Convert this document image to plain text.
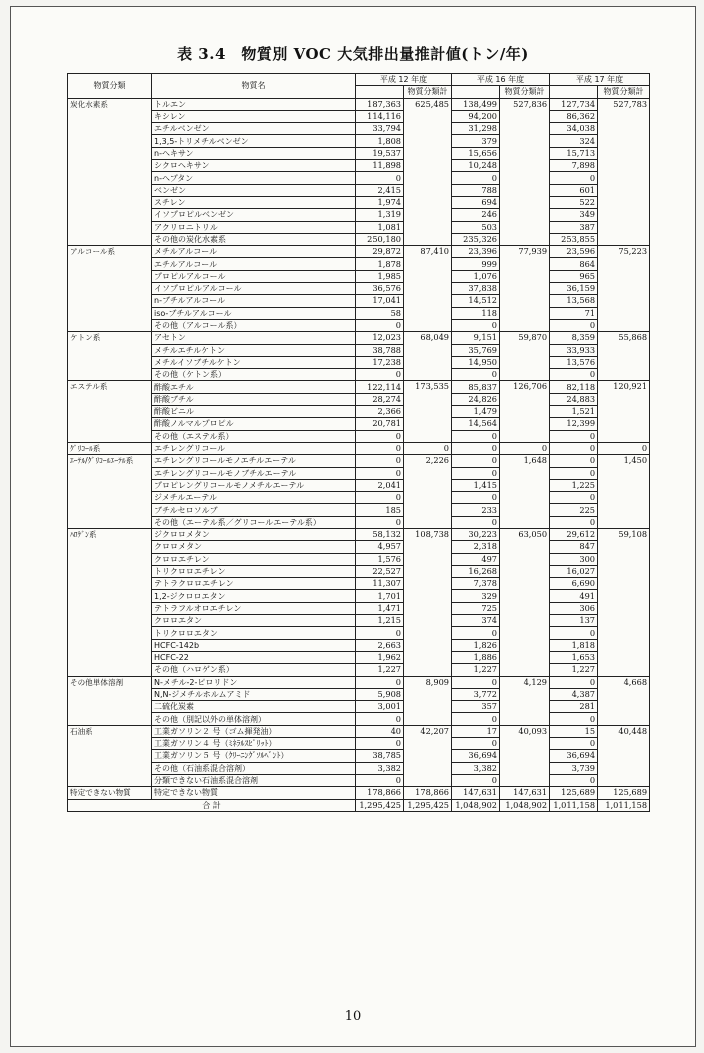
表 3.4　物質別 VOC 大気排出量推計値(トン/年)
物質分類	物質名	平成 12 年度		平成 16 年度		平成 17 年度	
			物質分類計		物質分類計		物質分類計
炭化水素系	トルエン	187,363	625,485	138,499	527,836	127,734	527,783
	キシレン	114,116		94,200		86,362	
	エチルベンゼン	33,794		31,298		34,038	
	1,3,5-トリメチルベンゼン	1,808		379		324	
	n-ヘキサン	19,537		15,656		15,713	
	シクロヘキサン	11,898		10,248		7,898	
	n-ヘプタン	0		0		0	
	ベンゼン	2,415		788		601	
	スチレン	1,974		694		522	
	イソプロピルベンゼン	1,319		246		349	
	アクリロニトリル	1,081		503		387	
	その他の炭化水素系	250,180		235,326		253,855	
アルコール系	メチルアルコール	29,872	87,410	23,396	77,939	23,596	75,223
	エチルアルコール	1,878		999		864	
	プロピルアルコール	1,985		1,076		965	
	イソプロピルアルコール	36,576		37,838		36,159	
	n-ブチルアルコール	17,041		14,512		13,568	
	iso-ブチルアルコール	58		118		71	
	その他（アルコール系）	0		0		0	
ケトン系	アセトン	12,023	68,049	9,151	59,870	8,359	55,868
	メチルエチルケトン	38,788		35,769		33,933	
	メチルイソブチルケトン	17,238		14,950		13,576	
	その他（ケトン系）	0		0		0	
エステル系	酢酸エチル	122,114	173,535	85,837	126,706	82,118	120,921
	酢酸ブチル	28,274		24,826		24,883	
	酢酸ビニル	2,366		1,479		1,521	
	酢酸ノルマルプロピル	20,781		14,564		12,399	
	その他（エステル系）	0		0		0	
ｸﾞﾘｺｰﾙ系	エチレングリコール	0	0	0	0	0	0
ｴｰﾃﾙ/ｸﾞﾘｺｰﾙｴｰﾃﾙ系	エチレングリコールモノエチルエーテル	0	2,226	0	1,648	0	1,450
	エチレングリコールモノブチルエーテル	0		0		0	
	プロピレングリコールモノメチルエーテル	2,041		1,415		1,225	
	ジメチルエーテル	0		0		0	
	ブチルセロソルブ	185		233		225	
	その他（エーテル系／グリコールエーテル系）	0		0		0	
ﾊﾛｹﾞﾝ系	ジクロロメタン	58,132	108,738	30,223	63,050	29,612	59,108
	クロロメタン	4,957		2,318		847	
	クロロエチレン	1,576		497		300	
	トリクロロエチレン	22,527		16,268		16,027	
	テトラクロロエチレン	11,307		7,378		6,690	
	1,2-ジクロロエタン	1,701		329		491	
	テトラフルオロエチレン	1,471		725		306	
	クロロエタン	1,215		374		137	
	トリクロロエタン	0		0		0	
	HCFC-142b	2,663		1,826		1,818	
	HCFC-22	1,962		1,886		1,653	
	その他（ハロゲン系）	1,227		1,227		1,227	
その他単体溶剤	N-メチル-2-ピロリドン	0	8,909	0	4,129	0	4,668
	N,N-ジメチルホルムアミド	5,908		3,772		4,387	
	二硫化炭素	3,001		357		281	
	その他（別記以外の単体溶剤）	0		0		0	
石油系	工業ガソリン２ 号（ゴム揮発油）	40	42,207	17	40,093	15	40,448
	工業ガソリン４ 号（ﾐﾈﾗﾙｽﾋﾟﾘｯﾄ）	0		0		0	
	工業ガソリン５ 号（ｸﾘｰﾆﾝｸﾞｿﾙﾍﾞﾝﾄ）	38,785		36,694		36,694	
	その他（石油系混合溶剤）	3,382		3,382		3,739	
	分類できない石油系混合溶剤	0		0		0	
特定できない物質	特定できない物質	178,866	178,866	147,631	147,631	125,689	125,689
合 計		1,295,425	1,295,425	1,048,902	1,048,902	1,011,158	1,011,158
10
